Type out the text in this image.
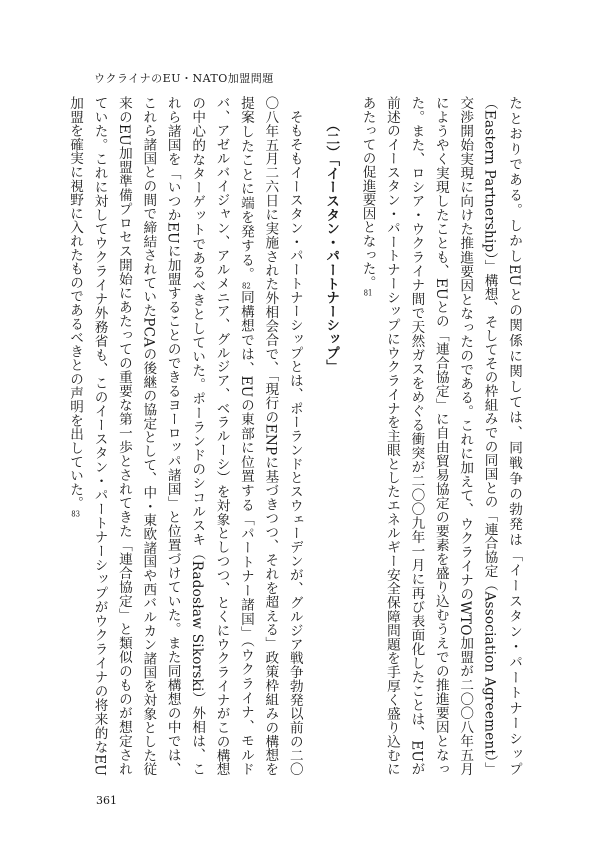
ウクライナのEU・NATO加盟問題

たとおりである。しかしEUとの関係に関しては、同戦争の勃発は「イースタン・パートナーシップ（Eastern Partnership）」構想、そしてその枠組みでの同国との「連合協定（Association Agreement）」交渉開始実現に向けた推進要因となったのである。これに加えて、ウクライナのWTO加盟が二〇〇八年五月にようやく実現したことも、EUとの「連合協定」に自由貿易協定の要素を盛り込むうえでの推進要因となった。また、ロシア・ウクライナ間で天然ガスをめぐる衝突が二〇〇九年一月に再び表面化したことは、EUが前述のイースタン・パートナーシップにウクライナを主眼としたエネルギー安全保障問題を手厚く盛り込むにあたっての促進要因となった。81

（二）「イースタン・パートナーシップ」

　そもそもイースタン・パートナーシップとは、ポーランドとスウェーデンが、グルジア戦争勃発以前の二〇〇八年五月二六日に実施された外相会合で、「現行のENPに基づきつつ、それを超える」政策枠組みの構想を提案したことに端を発する。82同構想では、EUの東部に位置する「パートナー諸国」（ウクライナ、モルドバ、アゼルバイジャン、アルメニア、グルジア、ベラルーシ）を対象としつつ、とくにウクライナがこの構想の中心的なターゲットであるべきとしていた。ポーランドのシコルスキ（Radosław Sikorski）外相は、これら諸国を「いつかEUに加盟することのできるヨーロッパ諸国」と位置づけていた。また同構想の中では、これら諸国との間で締結されていたPCAの後継の協定として、中・東欧諸国や西バルカン諸国を対象とした従来のEU加盟準備プロセス開始にあたっての重要な第一歩とされてきた「連合協定」と類似のものが想定されていた。これに対してウクライナ外務省も、このイースタン・パートナーシップがウクライナの将来的なEU加盟を確実に視野に入れたものであるべきとの声明を出していた。83

361
